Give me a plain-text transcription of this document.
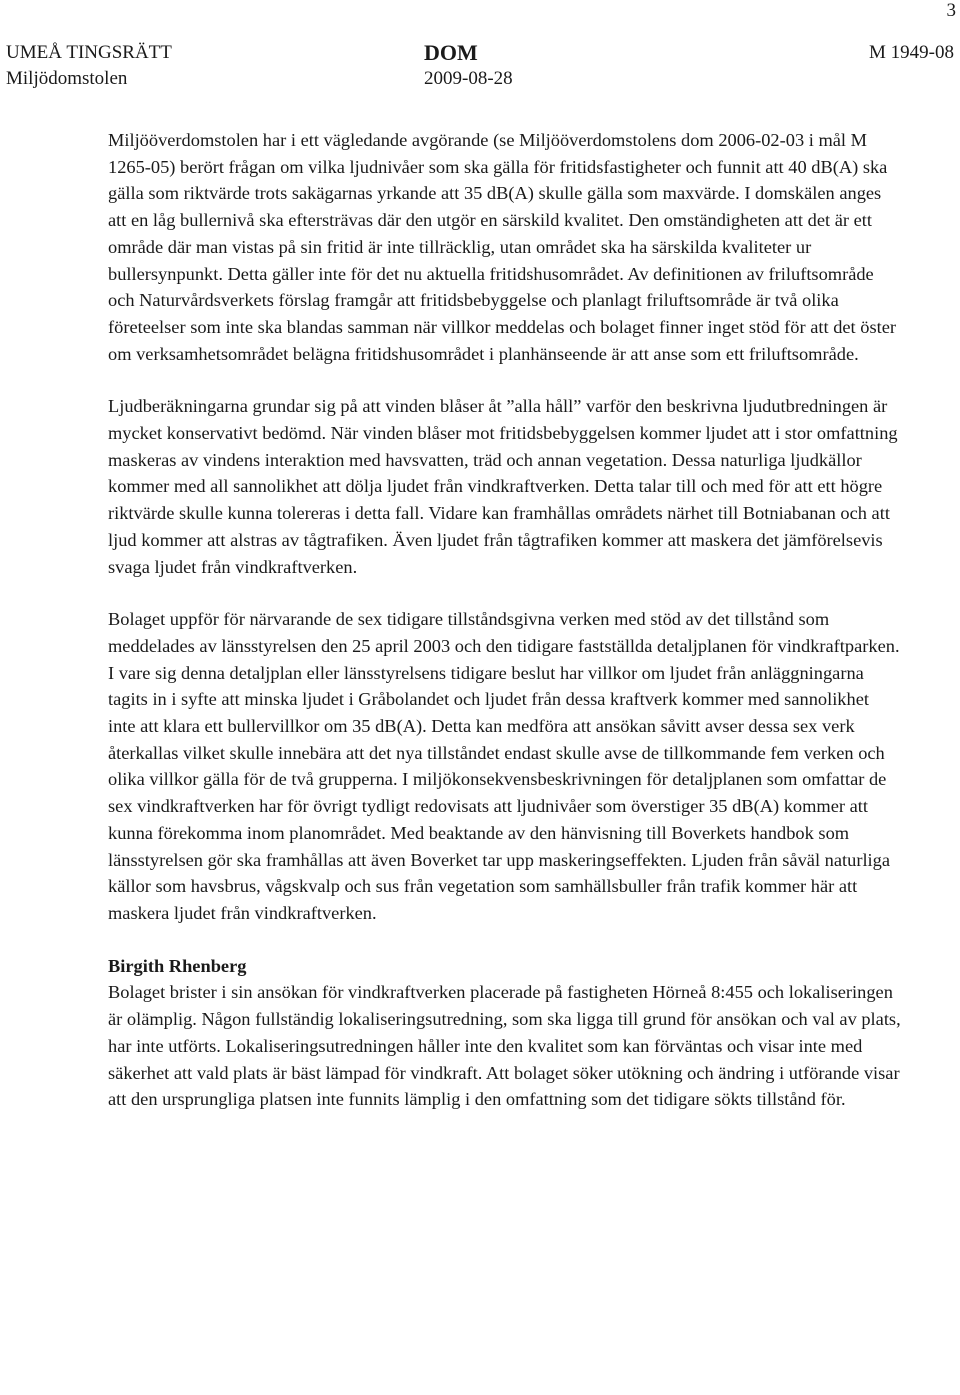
3
UMEÅ TINGSRÄTT
Miljödomstolen
DOM
2009-08-28
M 1949-08

Miljööverdomstolen har i ett vägledande avgörande (se Miljööverdomstolens dom 2006-02-03 i mål M 1265-05) berört frågan om vilka ljudnivåer som ska gälla för fritidsfastigheter och funnit att 40 dB(A) ska gälla som riktvärde trots sakägarnas yrkande att 35 dB(A) skulle gälla som maxvärde. I domskälen anges att en låg bullernivå ska eftersträvas där den utgör en särskild kvalitet. Den omständigheten att det är ett område där man vistas på sin fritid är inte tillräcklig, utan området ska ha särskilda kvaliteter ur bullersynpunkt. Detta gäller inte för det nu aktuella fritidshusområdet. Av definitionen av friluftsområde och Naturvårdsverkets förslag framgår att fritidsbebyggelse och planlagt friluftsområde är två olika företeelser som inte ska blandas samman när villkor meddelas och bolaget finner inget stöd för att det öster om verksamhetsområdet belägna fritidshusområdet i planhänseende är att anse som ett friluftsområde.

Ljudberäkningarna grundar sig på att vinden blåser åt ”alla håll” varför den beskrivna ljudutbredningen är mycket konservativt bedömd. När vinden blåser mot fritidsbebyggelsen kommer ljudet att i stor omfattning maskeras av vindens interaktion med havsvatten, träd och annan vegetation. Dessa naturliga ljudkällor kommer med all sannolikhet att dölja ljudet från vindkraftverken. Detta talar till och med för att ett högre riktvärde skulle kunna tolereras i detta fall. Vidare kan framhållas områdets närhet till Botniabanan och att ljud kommer att alstras av tågtrafiken. Även ljudet från tågtrafiken kommer att maskera det jämförelsevis svaga ljudet från vindkraftverken.

Bolaget uppför för närvarande de sex tidigare tillståndsgivna verken med stöd av det tillstånd som meddelades av länsstyrelsen den 25 april 2003 och den tidigare fastställda detaljplanen för vindkraftparken. I vare sig denna detaljplan eller länsstyrelsens tidigare beslut har villkor om ljudet från anläggningarna tagits in i syfte att minska ljudet i Gråbolandet och ljudet från dessa kraftverk kommer med sannolikhet inte att klara ett bullervillkor om 35 dB(A). Detta kan medföra att ansökan såvitt avser dessa sex verk återkallas vilket skulle innebära att det nya tillståndet endast skulle avse de tillkommande fem verken och olika villkor gälla för de två grupperna. I miljökonsekvensbeskrivningen för detaljplanen som omfattar de sex vindkraftverken har för övrigt tydligt redovisats att ljudnivåer som överstiger 35 dB(A) kommer att kunna förekomma inom planområdet. Med beaktande av den hänvisning till Boverkets handbok som länsstyrelsen gör ska framhållas att även Boverket tar upp maskeringseffekten. Ljuden från såväl naturliga källor som havsbrus, vågskvalp och sus från vegetation som samhällsbuller från trafik kommer här att maskera ljudet från vindkraftverken.

Birgith Rhenberg

Bolaget brister i sin ansökan för vindkraftverken placerade på fastigheten Hörneå 8:455 och lokaliseringen är olämplig. Någon fullständig lokaliseringsutredning, som ska ligga till grund för ansökan och val av plats, har inte utförts. Lokaliseringsutredningen håller inte den kvalitet som kan förväntas och visar inte med säkerhet att vald plats är bäst lämpad för vindkraft. Att bolaget söker utökning och ändring i utförande visar att den ursprungliga platsen inte funnits lämplig i den omfattning som det tidigare sökts tillstånd för.
